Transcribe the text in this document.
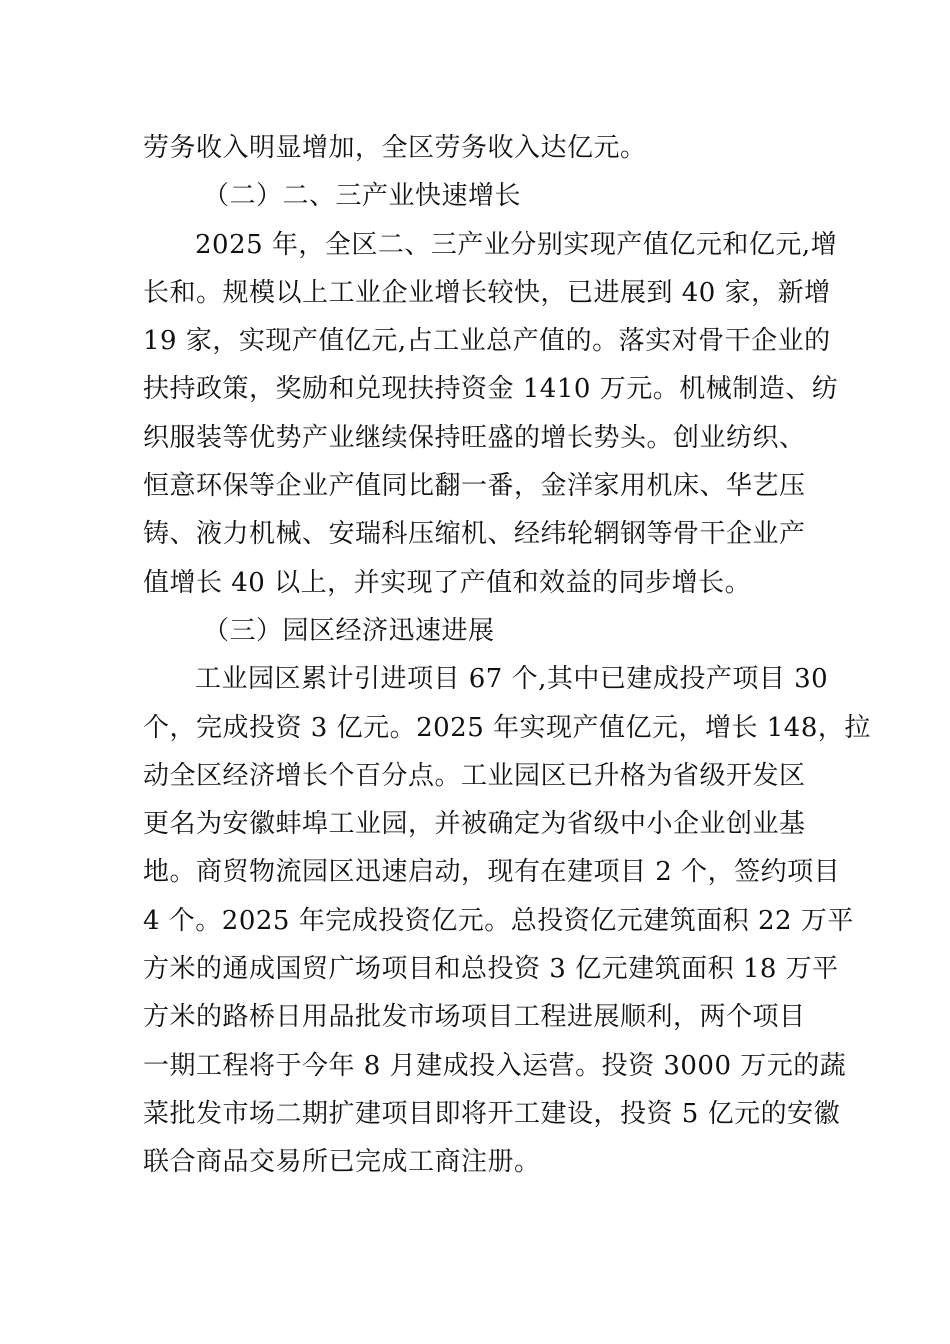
劳务收入明显增加，全区劳务收入达亿元。
（二）二、三产业快速增长
2025 年，全区二、三产业分别实现产值亿元和亿元,增
长和。规模以上工业企业增长较快，已进展到 40 家，新增
19 家，实现产值亿元,占工业总产值的。落实对骨干企业的
扶持政策，奖励和兑现扶持资金 1410 万元。机械制造、纺
织服装等优势产业继续保持旺盛的增长势头。创业纺织、
恒意环保等企业产值同比翻一番，金洋家用机床、华艺压
铸、液力机械、安瑞科压缩机、经纬轮辋钢等骨干企业产
值增长 40 以上，并实现了产值和效益的同步增长。
（三）园区经济迅速进展
工业园区累计引进项目 67 个,其中已建成投产项目 30
个，完成投资 3 亿元。2025 年实现产值亿元，增长 148，拉
动全区经济增长个百分点。工业园区已升格为省级开发区
更名为安徽蚌埠工业园，并被确定为省级中小企业创业基
地。商贸物流园区迅速启动，现有在建项目 2 个，签约项目
4 个。2025 年完成投资亿元。总投资亿元建筑面积 22 万平
方米的通成国贸广场项目和总投资 3 亿元建筑面积 18 万平
方米的路桥日用品批发市场项目工程进展顺利，两个项目
一期工程将于今年 8 月建成投入运营。投资 3000 万元的蔬
菜批发市场二期扩建项目即将开工建设，投资 5 亿元的安徽
联合商品交易所已完成工商注册。
